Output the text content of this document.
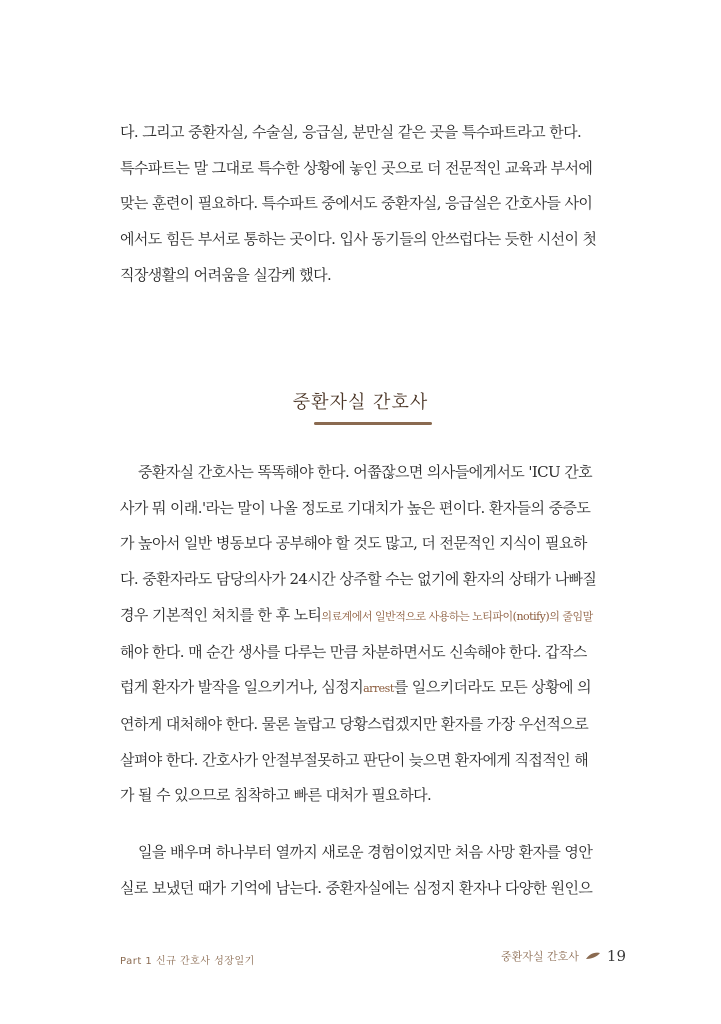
다. 그리고 중환자실, 수술실, 응급실, 분만실 같은 곳을 특수파트라고 한다.
특수파트는 말 그대로 특수한 상황에 놓인 곳으로 더 전문적인 교육과 부서에
맞는 훈련이 필요하다. 특수파트 중에서도 중환자실, 응급실은 간호사들 사이
에서도 힘든 부서로 통하는 곳이다. 입사 동기들의 안쓰럽다는 듯한 시선이 첫
직장생활의 어려움을 실감케 했다.
중환자실 간호사
중환자실 간호사는 똑똑해야 한다. 어쭙잖으면 의사들에게서도 'ICU 간호
사가 뭐 이래.'라는 말이 나올 정도로 기대치가 높은 편이다. 환자들의 중증도
가 높아서 일반 병동보다 공부해야 할 것도 많고, 더 전문적인 지식이 필요하
다. 중환자라도 담당의사가 24시간 상주할 수는 없기에 환자의 상태가 나빠질
경우 기본적인 처치를 한 후 노티의료계에서 일반적으로 사용하는 노티파이(notify)의 줄임말
해야 한다. 매 순간 생사를 다루는 만큼 차분하면서도 신속해야 한다. 갑작스
럽게 환자가 발작을 일으키거나, 심정지arrest를 일으키더라도 모든 상황에 의
연하게 대처해야 한다. 물론 놀랍고 당황스럽겠지만 환자를 가장 우선적으로
살펴야 한다. 간호사가 안절부절못하고 판단이 늦으면 환자에게 직접적인 해
가 될 수 있으므로 침착하고 빠른 대처가 필요하다.
일을 배우며 하나부터 열까지 새로운 경험이었지만 처음 사망 환자를 영안
실로 보냈던 때가 기억에 남는다. 중환자실에는 심정지 환자나 다양한 원인으
Part 1 신규 간호사 성장일기	중환자실 간호사 19
